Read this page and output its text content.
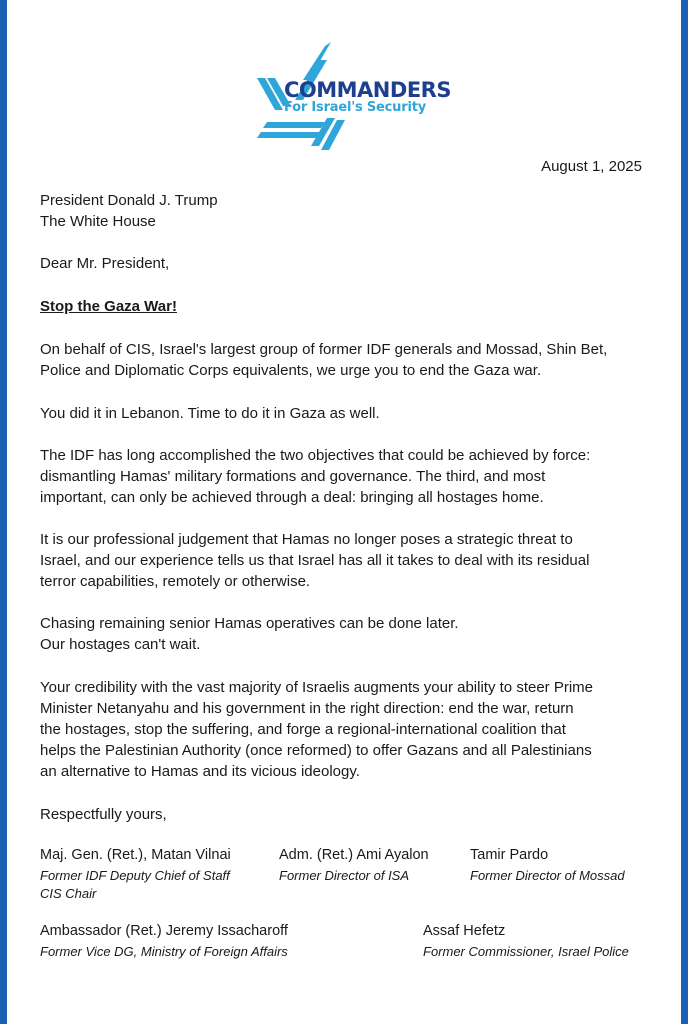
COMMANDERS
For Israel's Security
August 1, 2025
President Donald J. Trump
The White House
Dear Mr. President,
Stop the Gaza War!
On behalf of CIS, Israel's largest group of former IDF generals and Mossad, Shin Bet,
Police and Diplomatic Corps equivalents, we urge you to end the Gaza war.
You did it in Lebanon. Time to do it in Gaza as well.
The IDF has long accomplished the two objectives that could be achieved by force:
dismantling Hamas' military formations and governance. The third, and most
important, can only be achieved through a deal: bringing all hostages home.
It is our professional judgement that Hamas no longer poses a strategic threat to
Israel, and our experience tells us that Israel has all it takes to deal with its residual
terror capabilities, remotely or otherwise.
Chasing remaining senior Hamas operatives can be done later.
Our hostages can't wait.
Your credibility with the vast majority of Israelis augments your ability to steer Prime
Minister Netanyahu and his government in the right direction: end the war, return
the hostages, stop the suffering, and forge a regional-international coalition that
helps the Palestinian Authority (once reformed) to offer Gazans and all Palestinians
an alternative to Hamas and its vicious ideology.
Respectfully yours,
Maj. Gen. (Ret.), Matan Vilnai
Former IDF Deputy Chief of Staff
CIS Chair
Adm. (Ret.) Ami Ayalon
Former Director of ISA
Tamir Pardo
Former Director of Mossad
Ambassador (Ret.) Jeremy Issacharoff
Former Vice DG, Ministry of Foreign Affairs
Assaf Hefetz
Former Commissioner, Israel Police
